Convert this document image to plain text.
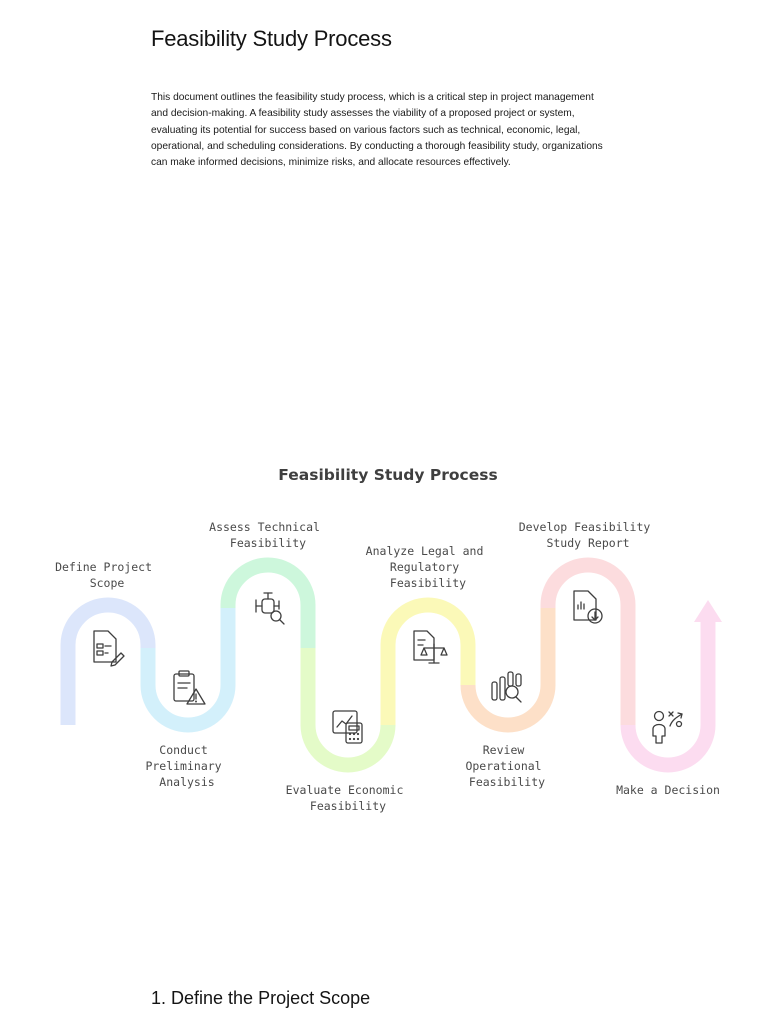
Feasibility Study Process

This document outlines the feasibility study process, which is a critical step in project management and decision-making. A feasibility study assesses the viability of a proposed project or system, evaluating its potential for success based on various factors such as technical, economic, legal, operational, and scheduling considerations. By conducting a thorough feasibility study, organizations can make informed decisions, minimize risks, and allocate resources effectively.

Feasibility Study Process
Define Project Scope
Conduct Preliminary Analysis
Assess Technical Feasibility
Evaluate Economic Feasibility
Analyze Legal and Regulatory Feasibility
Review Operational Feasibility
Develop Feasibility Study Report
Make a Decision
1. Define the Project Scope
